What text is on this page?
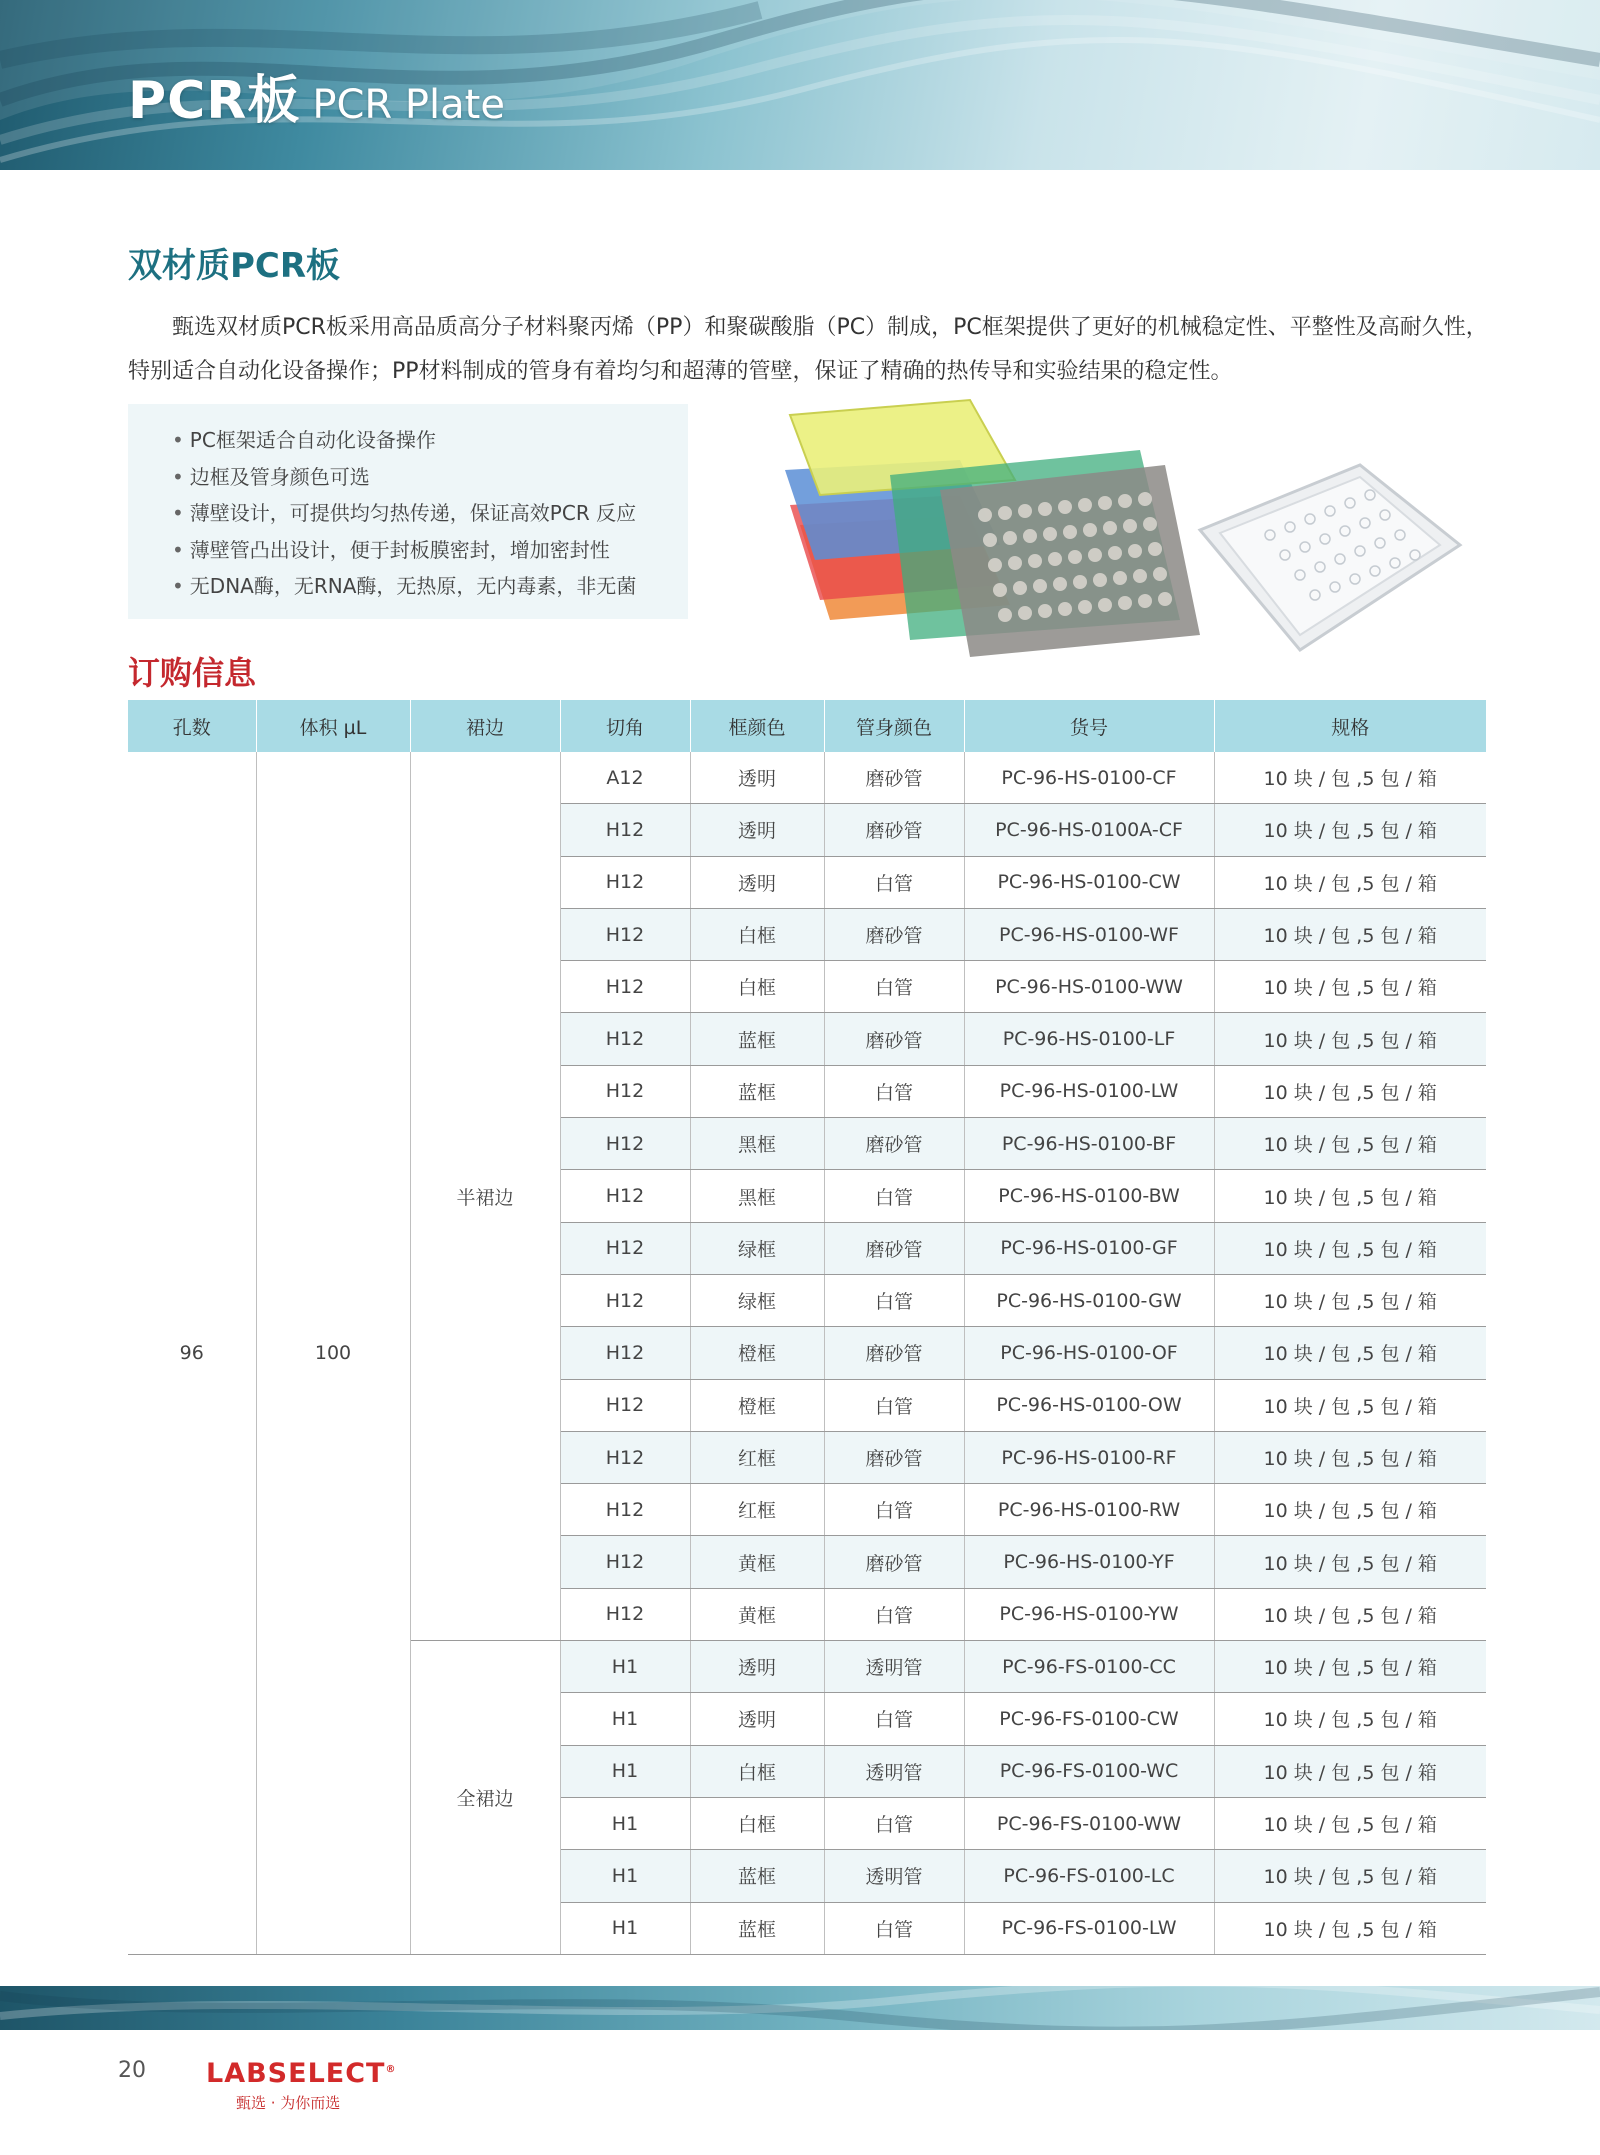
PCR板 PCR Plate
双材质PCR板
甄选双材质PCR板采用高品质高分子材料聚丙烯（PP）和聚碳酸脂（PC）制成，PC框架提供了更好的机械稳定性、平整性及高耐久性，特别适合自动化设备操作；PP材料制成的管身有着均匀和超薄的管壁，保证了精确的热传导和实验结果的稳定性。
• PC框架适合自动化设备操作
• 边框及管身颜色可选
• 薄壁设计，可提供均匀热传递，保证高效PCR 反应
• 薄壁管凸出设计，便于封板膜密封，增加密封性
• 无DNA酶，无RNA酶，无热原，无内毒素，非无菌
订购信息
孔数	体积 µL	裙边	切角	框颜色	管身颜色	货号	规格
96	100	半裙边	A12	透明	磨砂管	PC-96-HS-0100-CF	10 块 / 包 ,5 包 / 箱
			H12	透明	磨砂管	PC-96-HS-0100A-CF	10 块 / 包 ,5 包 / 箱
			H12	透明	白管	PC-96-HS-0100-CW	10 块 / 包 ,5 包 / 箱
			H12	白框	磨砂管	PC-96-HS-0100-WF	10 块 / 包 ,5 包 / 箱
			H12	白框	白管	PC-96-HS-0100-WW	10 块 / 包 ,5 包 / 箱
			H12	蓝框	磨砂管	PC-96-HS-0100-LF	10 块 / 包 ,5 包 / 箱
			H12	蓝框	白管	PC-96-HS-0100-LW	10 块 / 包 ,5 包 / 箱
			H12	黑框	磨砂管	PC-96-HS-0100-BF	10 块 / 包 ,5 包 / 箱
			H12	黑框	白管	PC-96-HS-0100-BW	10 块 / 包 ,5 包 / 箱
			H12	绿框	磨砂管	PC-96-HS-0100-GF	10 块 / 包 ,5 包 / 箱
			H12	绿框	白管	PC-96-HS-0100-GW	10 块 / 包 ,5 包 / 箱
			H12	橙框	磨砂管	PC-96-HS-0100-OF	10 块 / 包 ,5 包 / 箱
			H12	橙框	白管	PC-96-HS-0100-OW	10 块 / 包 ,5 包 / 箱
			H12	红框	磨砂管	PC-96-HS-0100-RF	10 块 / 包 ,5 包 / 箱
			H12	红框	白管	PC-96-HS-0100-RW	10 块 / 包 ,5 包 / 箱
			H12	黄框	磨砂管	PC-96-HS-0100-YF	10 块 / 包 ,5 包 / 箱
			H12	黄框	白管	PC-96-HS-0100-YW	10 块 / 包 ,5 包 / 箱
		全裙边	H1	透明	透明管	PC-96-FS-0100-CC	10 块 / 包 ,5 包 / 箱
			H1	透明	白管	PC-96-FS-0100-CW	10 块 / 包 ,5 包 / 箱
			H1	白框	透明管	PC-96-FS-0100-WC	10 块 / 包 ,5 包 / 箱
			H1	白框	白管	PC-96-FS-0100-WW	10 块 / 包 ,5 包 / 箱
			H1	蓝框	透明管	PC-96-FS-0100-LC	10 块 / 包 ,5 包 / 箱
			H1	蓝框	白管	PC-96-FS-0100-LW	10 块 / 包 ,5 包 / 箱
20 LABSELECT®
甄选 · 为你而选
